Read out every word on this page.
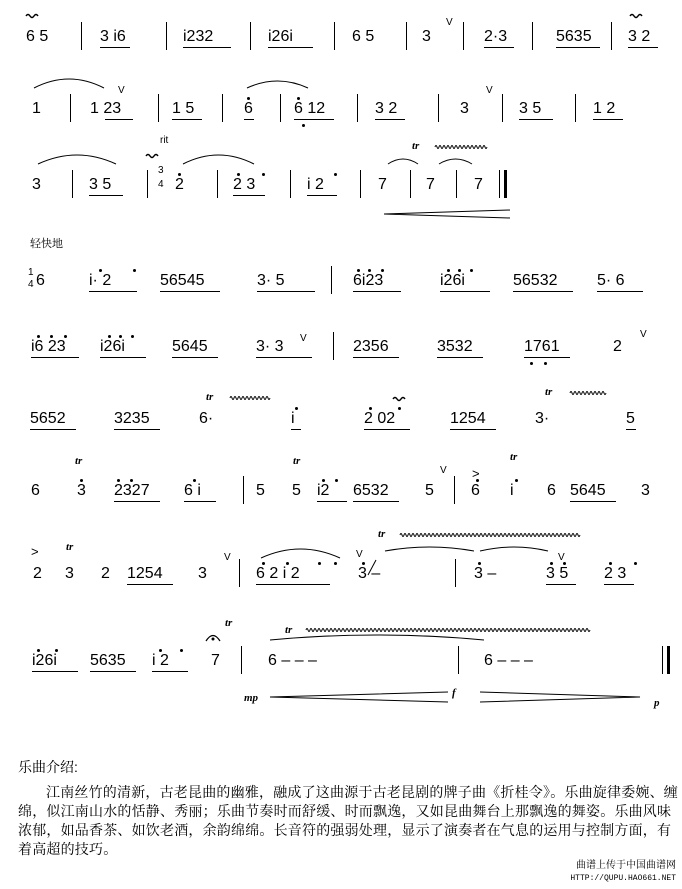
6 5	3 i6	i232	i26i	6 5	3	2·3	5635 3 2
1	1 23	1 5	6	6 12	3 2	3	3 5	1 2
3	3 5	2	2 3	i 2	7 7 7
6	i· 2	56545	3· 5	6i23	i26i	56532 5· 6
i6 23 i26i	5645	3· 3	2356	3532	1761	2
5652	3235	6·	i	2 02	1254	3·	5
6 3 2327 6 i	5 5 i2 6532 5 6 i 6 5645 3
2 3 2 1254 3	6 2 i 2	3 –	3 –	3 5 2 3
i26i 5635 i 2	7	6 – – –	6 – – –
tr
tr	tr
tr	tr	tr
tr
tr
tr
tr
V
V	V
V	V
V
V	V	V
>
>
rit
1
4
3
4
轻快地
mp	f
p

乐曲介绍:

江南丝竹的清新，古老昆曲的幽雅，融成了这曲源于古老昆剧的牌子曲《折桂令》。乐曲旋律委婉、缠绵，似江南山水的恬静、秀丽；乐曲节奏时而舒缓、时而飘逸，又如昆曲舞台上那飘逸的舞姿。乐曲风味浓郁，如品香茶、如饮老酒，余韵绵绵。长音符的强弱处理，显示了演奏者在气息的运用与控制方面，有着高超的技巧。

曲谱上传于中国曲谱网
HTTP://QUPU.HAO661.NET
